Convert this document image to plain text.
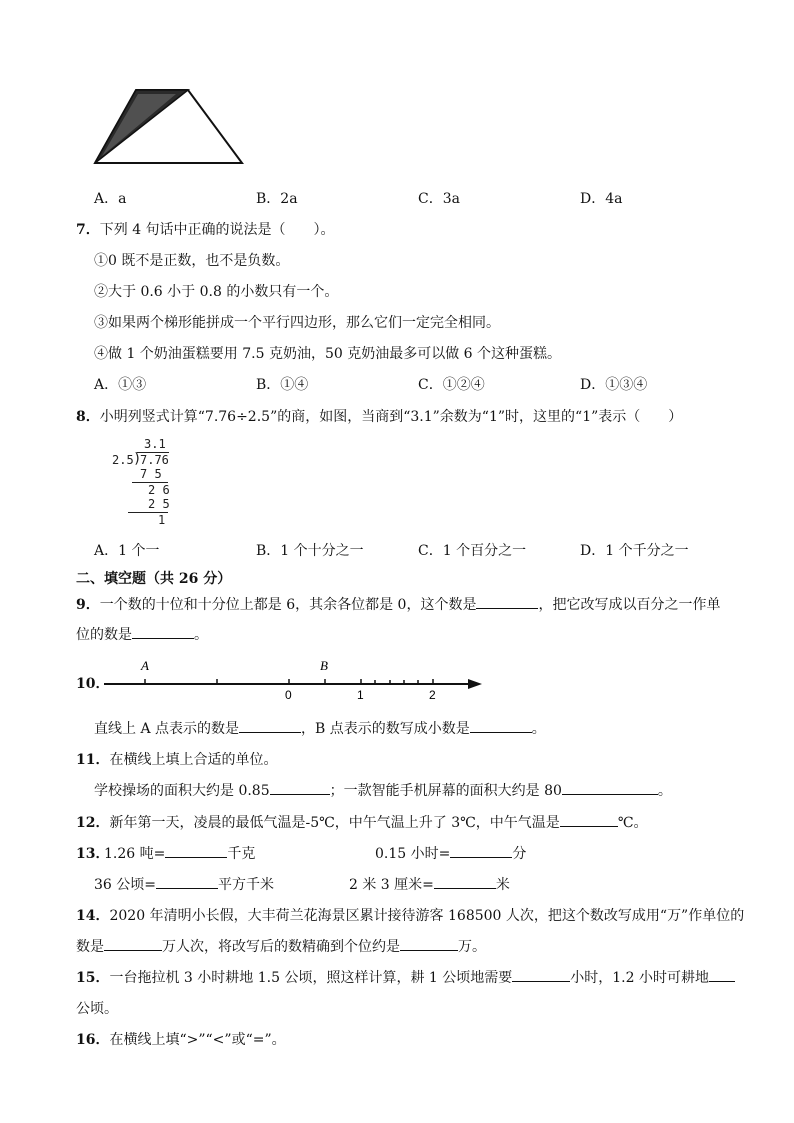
A．a	B．2a	C．3a	D．4a
7．下列 4 句话中正确的说法是（　　）。
①0 既不是正数，也不是负数。
②大于 0.6 小于 0.8 的小数只有一个。
③如果两个梯形能拼成一个平行四边形，那么它们一定完全相同。
④做 1 个奶油蛋糕要用 7.5 克奶油，50 克奶油最多可以做 6 个这种蛋糕。
A．①③	B．①④	C．①②④	D．①③④
8．小明列竖式计算“7.76÷2.5”的商，如图，当商到“3.1”余数为“1”时，这里的“1”表示（　　）
3.1
2.5 )
7.76
7 5
2 6
2 5
1
A．1 个一	B．1 个十分之一	C．1 个百分之一	D．1 个千分之一
二、填空题（共 26 分）
9．一个数的十位和十分位上都是 6，其余各位都是 0，这个数是	，把它改写成以百分之一作单
位的数是	。
10．
A	B
0	1	2
直线上 A 点表示的数是	，B 点表示的数写成小数是	。
11．在横线上填上合适的单位。
学校操场的面积大约是 0.85	；一款智能手机屏幕的面积大约是 80	。
12．新年第一天，凌晨的最低气温是-5℃，中午气温上升了 3℃，中午气温是	℃。
13．
1.26 吨=	千克	0.15 小时=	分
36 公顷=	平方千米	2 米 3 厘米=	米
14．2020 年清明小长假，大丰荷兰花海景区累计接待游客 168500 人次，把这个数改写成用“万”作单位的
数是	万人次，将改写后的数精确到个位约是	万。
15．一台拖拉机 3 小时耕地 1.5 公顷，照这样计算，耕 1 公顷地需要	小时，1.2 小时可耕地
公顷。
16．在横线上填“>”“<”或“=”。
